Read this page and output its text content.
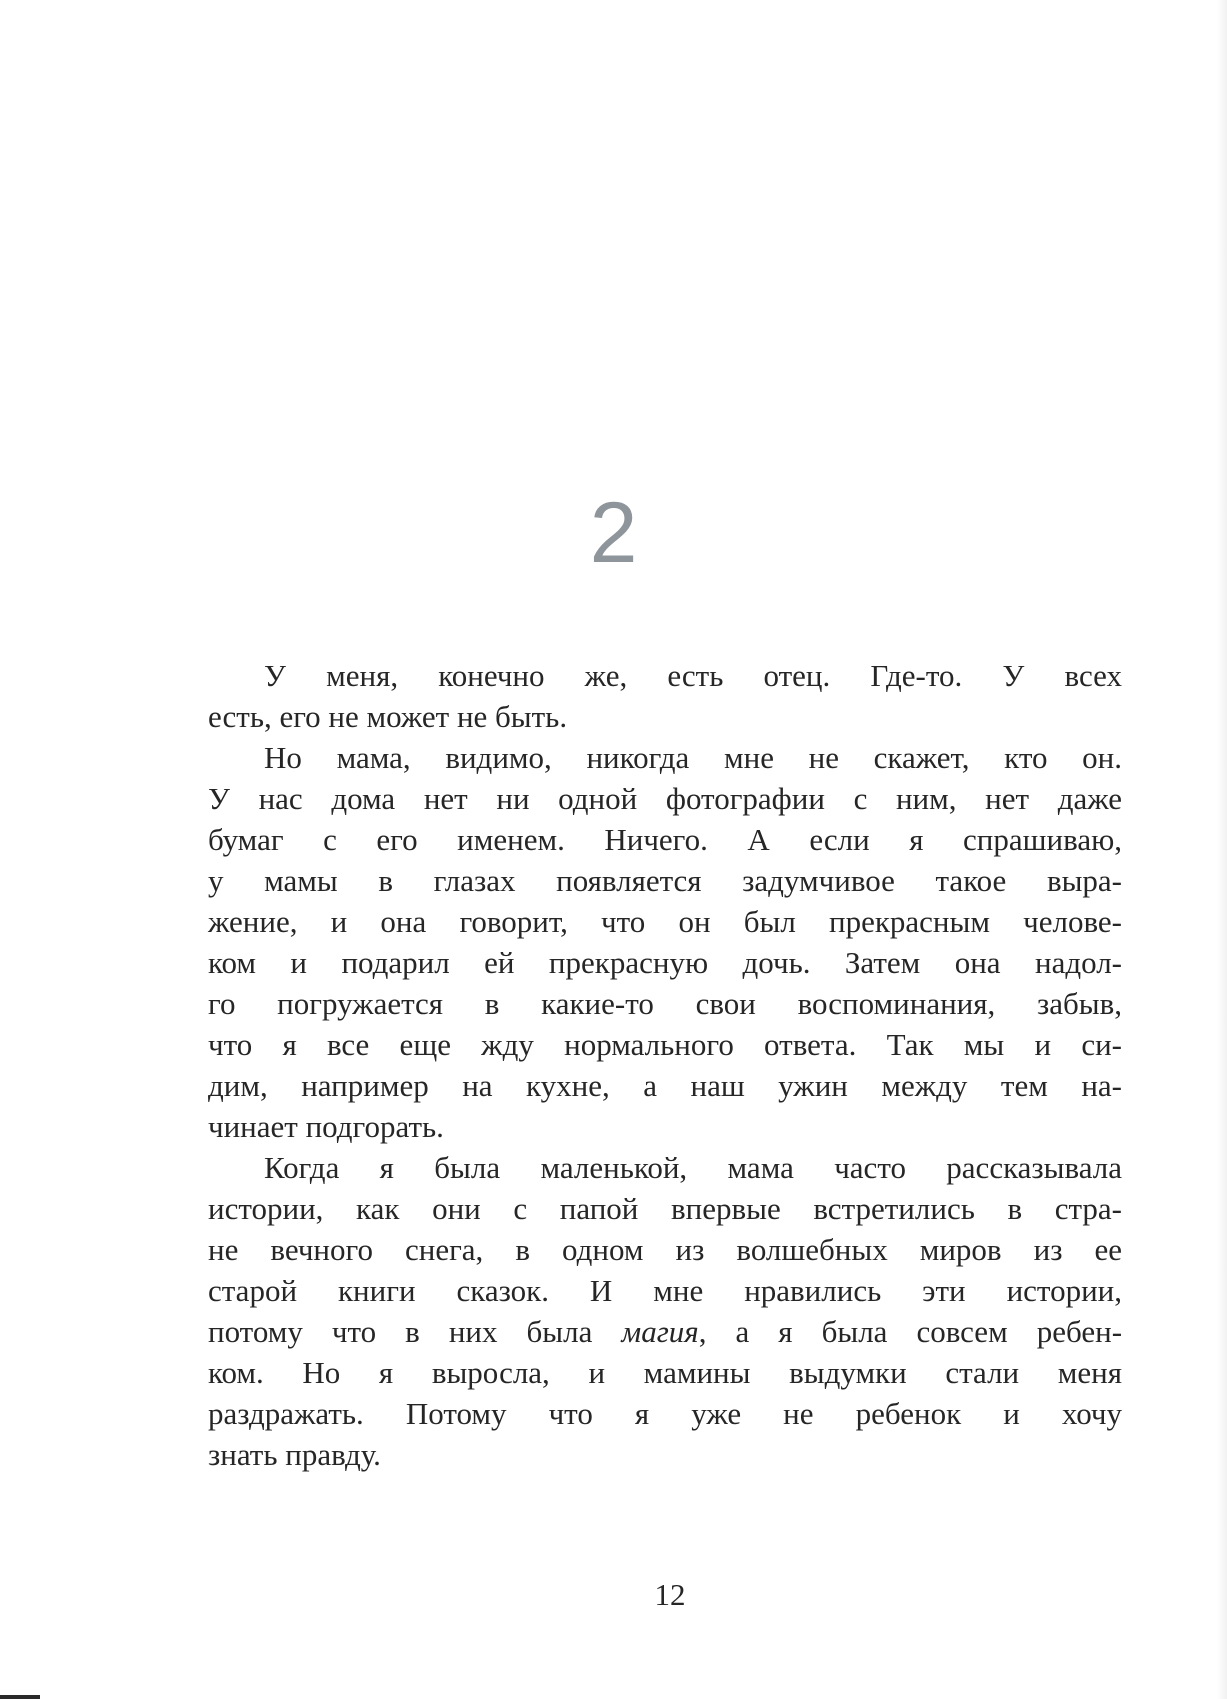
2
У меня, конечно же, есть отец. Где-то. У всех
есть, его не может не быть.
Но мама, видимо, никогда мне не скажет, кто он.
У нас дома нет ни одной фотографии с ним, нет даже
бумаг с его именем. Ничего. А если я спрашиваю,
у мамы в глазах появляется задумчивое такое выра-
жение, и она говорит, что он был прекрасным челове-
ком и подарил ей прекрасную дочь. Затем она надол-
го погружается в какие-то свои воспоминания, забыв,
что я все еще жду нормального ответа. Так мы и си-
дим, например на кухне, а наш ужин между тем на-
чинает подгорать.
Когда я была маленькой, мама часто рассказывала
истории, как они с папой впервые встретились в стра-
не вечного снега, в одном из волшебных миров из ее
старой книги сказок. И мне нравились эти истории,
потому что в них была магия, а я была совсем ребен-
ком. Но я выросла, и мамины выдумки стали меня
раздражать. Потому что я уже не ребенок и хочу
знать правду.
12
